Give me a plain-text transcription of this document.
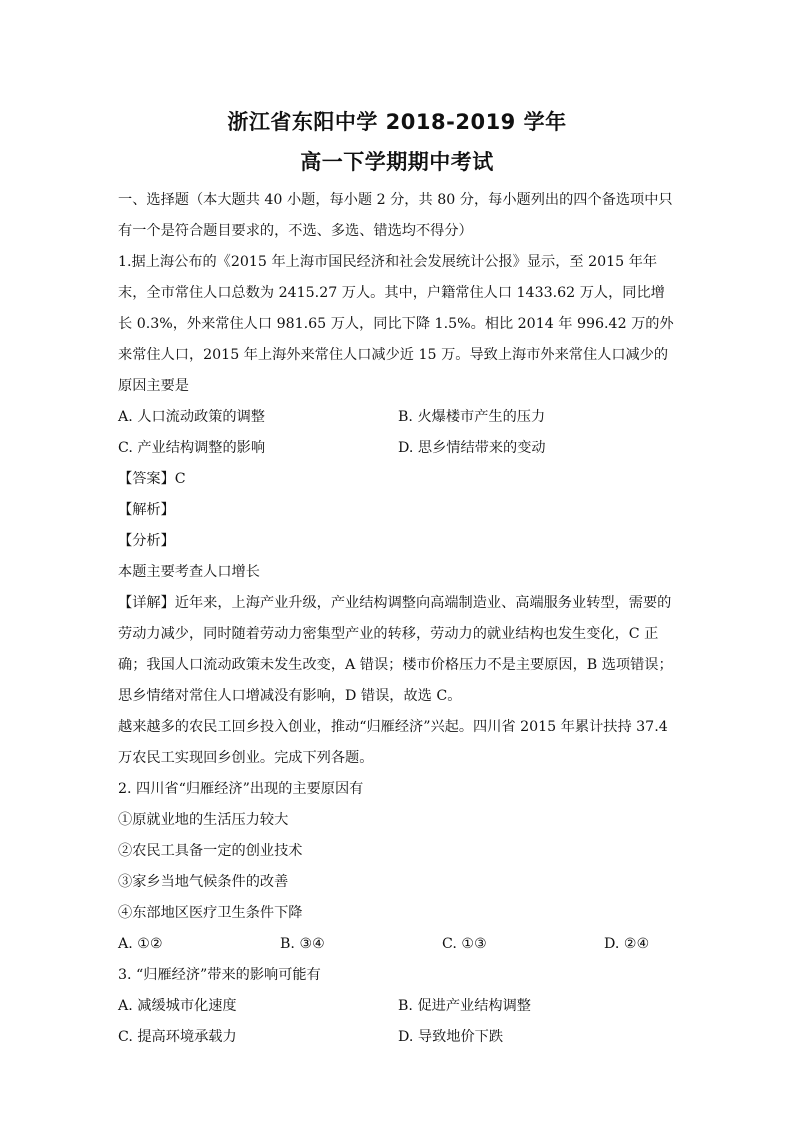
浙江省东阳中学 2018-2019 学年
高一下学期期中考试

一、选择题（本大题共 40 小题，每小题 2 分，共 80 分，每小题列出的四个备选项中只有一个是符合题目要求的，不选、多选、错选均不得分）

1.据上海公布的《2015 年上海市国民经济和社会发展统计公报》显示，至 2015 年年末，全市常住人口总数为 2415.27 万人。其中，户籍常住人口 1433.62 万人，同比增长 0.3%，外来常住人口 981.65 万人，同比下降 1.5%。相比 2014 年 996.42 万的外来常住人口，2015 年上海外来常住人口减少近 15 万。导致上海市外来常住人口减少的原因主要是

A. 人口流动政策的调整	B. 火爆楼市产生的压力
C. 产业结构调整的影响	D. 思乡情结带来的变动

【答案】C

【解析】

【分析】

本题主要考查人口增长

【详解】近年来，上海产业升级，产业结构调整向高端制造业、高端服务业转型，需要的劳动力减少，同时随着劳动力密集型产业的转移，劳动力的就业结构也发生变化，C 正确；我国人口流动政策未发生改变，A 错误；楼市价格压力不是主要原因，B 选项错误；思乡情绪对常住人口增减没有影响，D 错误，故选 C。

越来越多的农民工回乡投入创业，推动“归雁经济”兴起。四川省 2015 年累计扶持 37.4 万农民工实现回乡创业。完成下列各题。

2. 四川省“归雁经济”出现的主要原因有

①原就业地的生活压力较大

②农民工具备一定的创业技术

③家乡当地气候条件的改善

④东部地区医疗卫生条件下降

A. ①②	B. ③④	C. ①③	D. ②④

3. “归雁经济”带来的影响可能有

A. 减缓城市化速度	B. 促进产业结构调整
C. 提高环境承载力	D. 导致地价下跌
